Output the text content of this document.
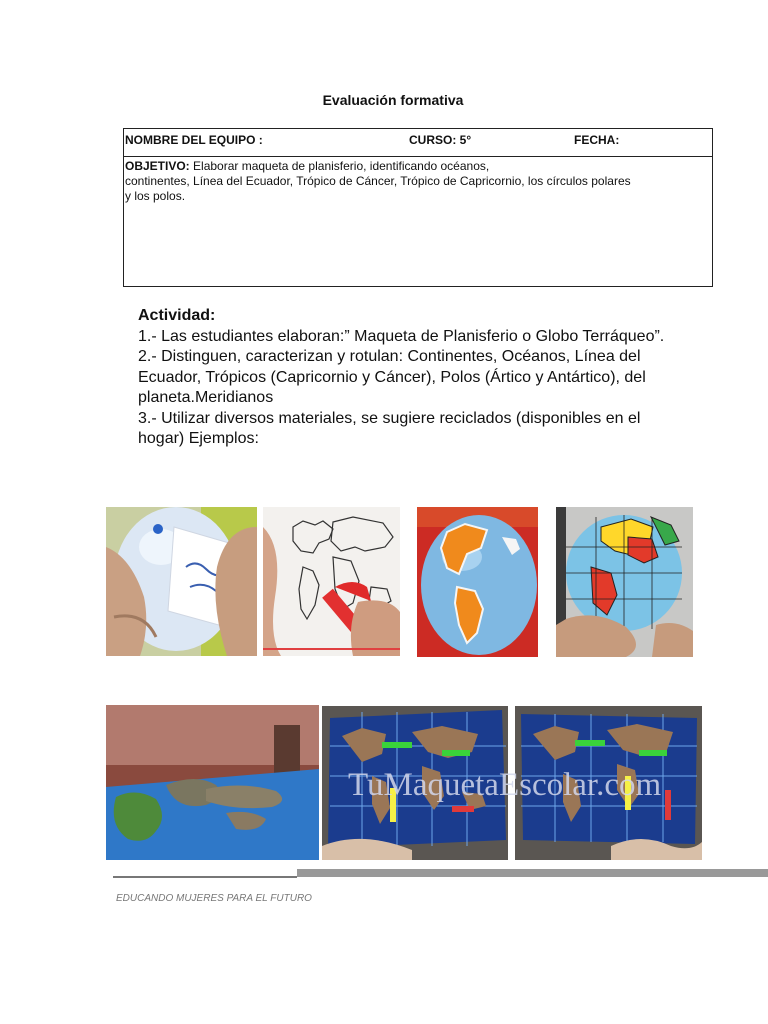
Evaluación formativa
NOMBRE DEL EQUIPO :	CURSO: 5°	FECHA:
OBJETIVO: Elaborar maqueta de planisferio, identificando océanos,
continentes, Línea del Ecuador, Trópico de Cáncer, Trópico de Capricornio, los círculos polares
y los polos.

Actividad:

1.- Las estudiantes elaboran:” Maqueta de Planisferio o Globo Terráqueo”.

2.- Distinguen, caracterizan y rotulan: Continentes, Océanos, Línea del Ecuador, Trópicos (Capricornio y Cáncer), Polos (Ártico y Antártico), del planeta.Meridianos

3.- Utilizar diversos materiales, se sugiere reciclados (disponibles en el hogar) Ejemplos:

TuMaquetaEscolar.com
EDUCANDO MUJERES PARA EL FUTURO
